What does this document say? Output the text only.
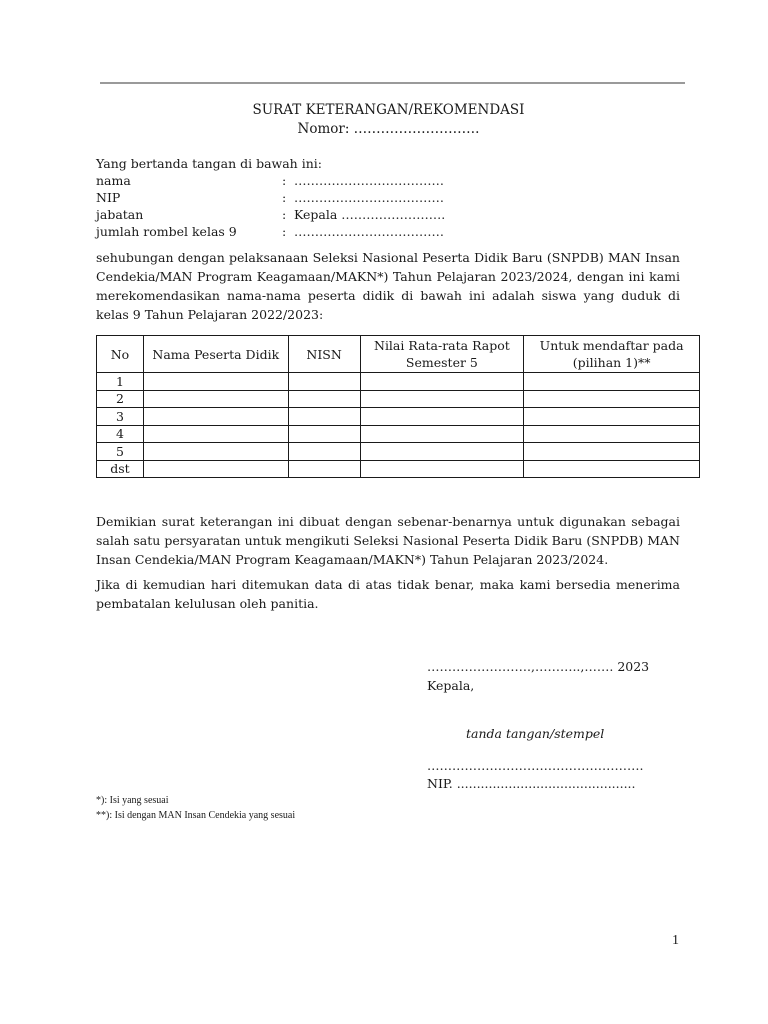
SURAT KETERANGAN/REKOMENDASI
Nomor: ……………………….
Yang bertanda tangan di bawah ini:
nama	: ………………………………
NIP	: ………………………………
jabatan	: Kepala …………………….
jumlah rombel kelas 9	: ………………………………
sehubungan dengan pelaksanaan Seleksi Nasional Peserta Didik Baru (SNPDB) MAN Insan Cendekia/MAN Program Keagamaan/MAKN*) Tahun Pelajaran 2023/2024, dengan ini kami merekomendasikan nama-nama peserta didik di bawah ini adalah siswa yang duduk di kelas 9 Tahun Pelajaran 2022/2023:
No	Nama Peserta Didik	NISN	Nilai Rata-rata Rapot Semester 5	Untuk mendaftar pada (pilihan 1)**
1				
2				
3				
4				
5				
dst				
Demikian surat keterangan ini dibuat dengan sebenar-benarnya untuk digunakan sebagai salah satu persyaratan untuk mengikuti Seleksi Nasional Peserta Didik Baru (SNPDB) MAN Insan Cendekia/MAN Program Keagamaan/MAKN*) Tahun Pelajaran 2023/2024.
Jika di kemudian hari ditemukan data di atas tidak benar, maka kami bersedia menerima pembatalan kelulusan oleh panitia.
…………………….,………..,……. 2023
Kepala,
tanda tangan/stempel
…………………………………………….
NIP. .............................................
*): Isi yang sesuai
**): Isi dengan MAN Insan Cendekia yang sesuai
1
